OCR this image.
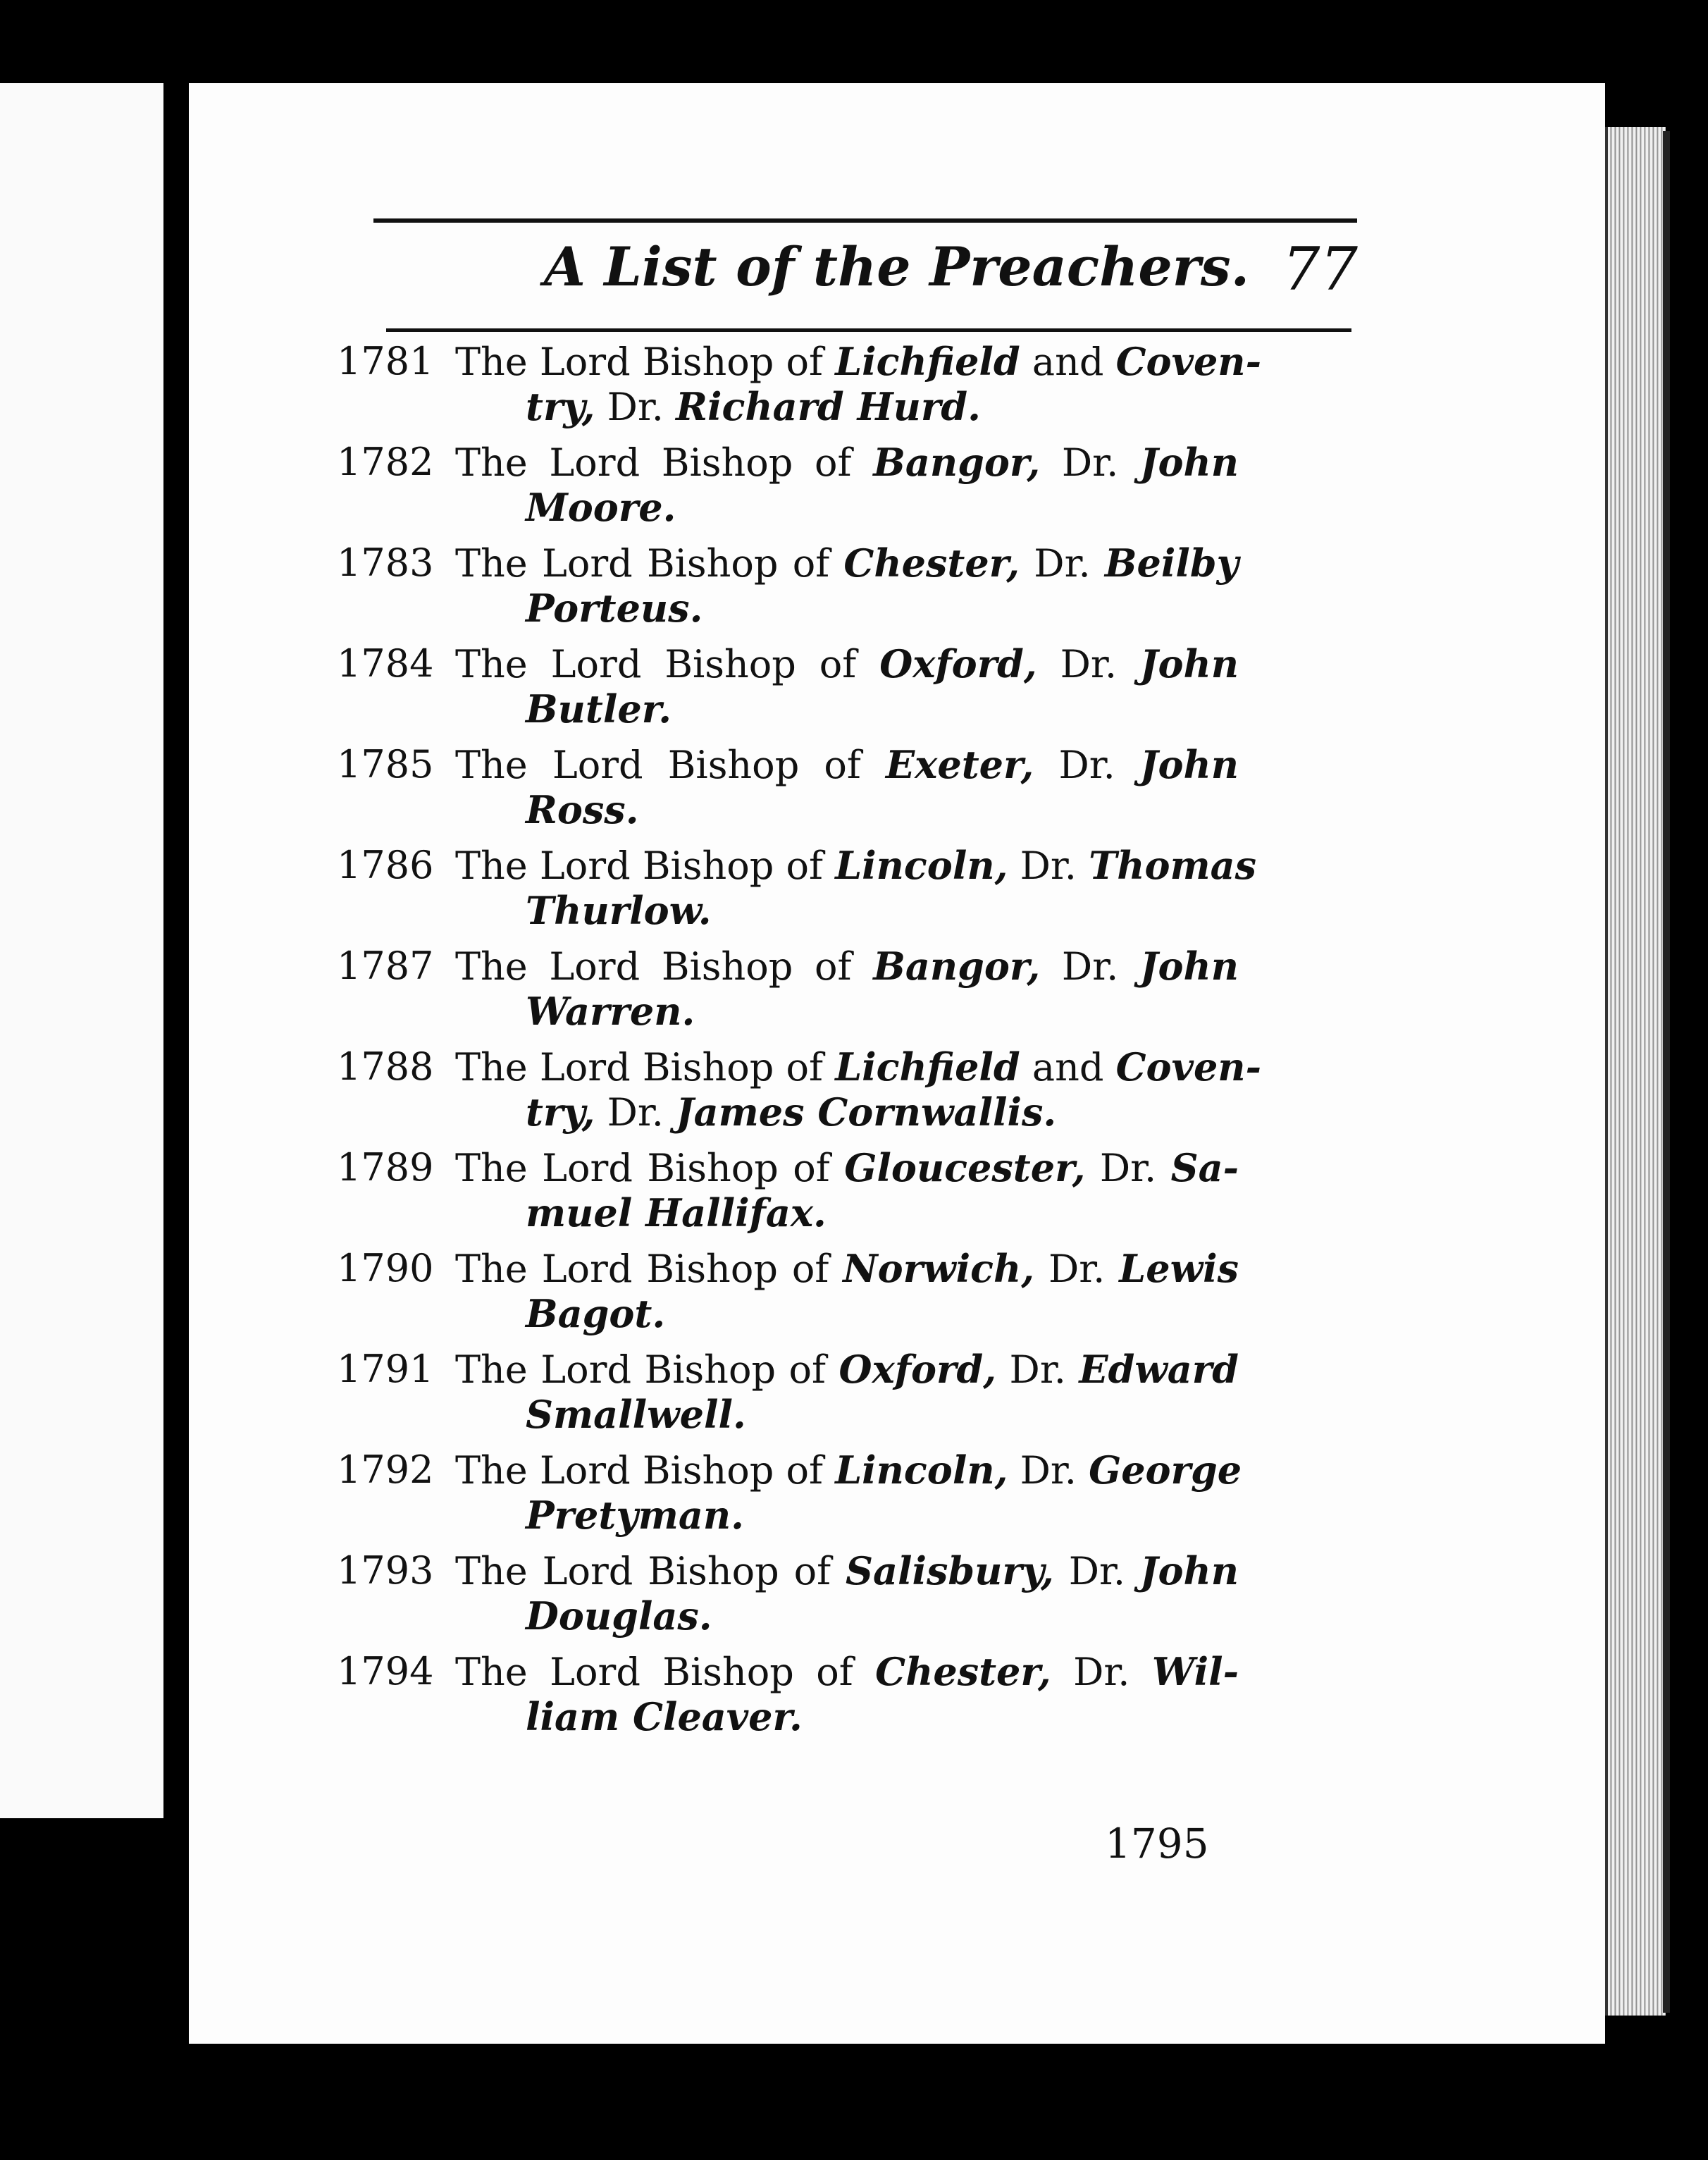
A List of the Preachers. 77
1781 The Lord Bishop of Lichfield and Coven-
try, Dr. Richard Hurd.
1782 The Lord Bishop of Bangor, Dr. John
Moore.
1783 The Lord Bishop of Chester, Dr. Beilby
Porteus.
1784 The Lord Bishop of Oxford, Dr. John
Butler.
1785 The Lord Bishop of Exeter, Dr. John
Ross.
1786 The Lord Bishop of Lincoln, Dr. Thomas
Thurlow.
1787 The Lord Bishop of Bangor, Dr. John
Warren.
1788 The Lord Bishop of Lichfield and Coven-
try, Dr. James Cornwallis.
1789 The Lord Bishop of Gloucester, Dr. Sa-
muel Hallifax.
1790 The Lord Bishop of Norwich, Dr. Lewis
Bagot.
1791 The Lord Bishop of Oxford, Dr. Edward
Smallwell.
1792 The Lord Bishop of Lincoln, Dr. George
Pretyman.
1793 The Lord Bishop of Salisbury, Dr. John
Douglas.
1794 The Lord Bishop of Chester, Dr. Wil-
liam Cleaver.
1795
